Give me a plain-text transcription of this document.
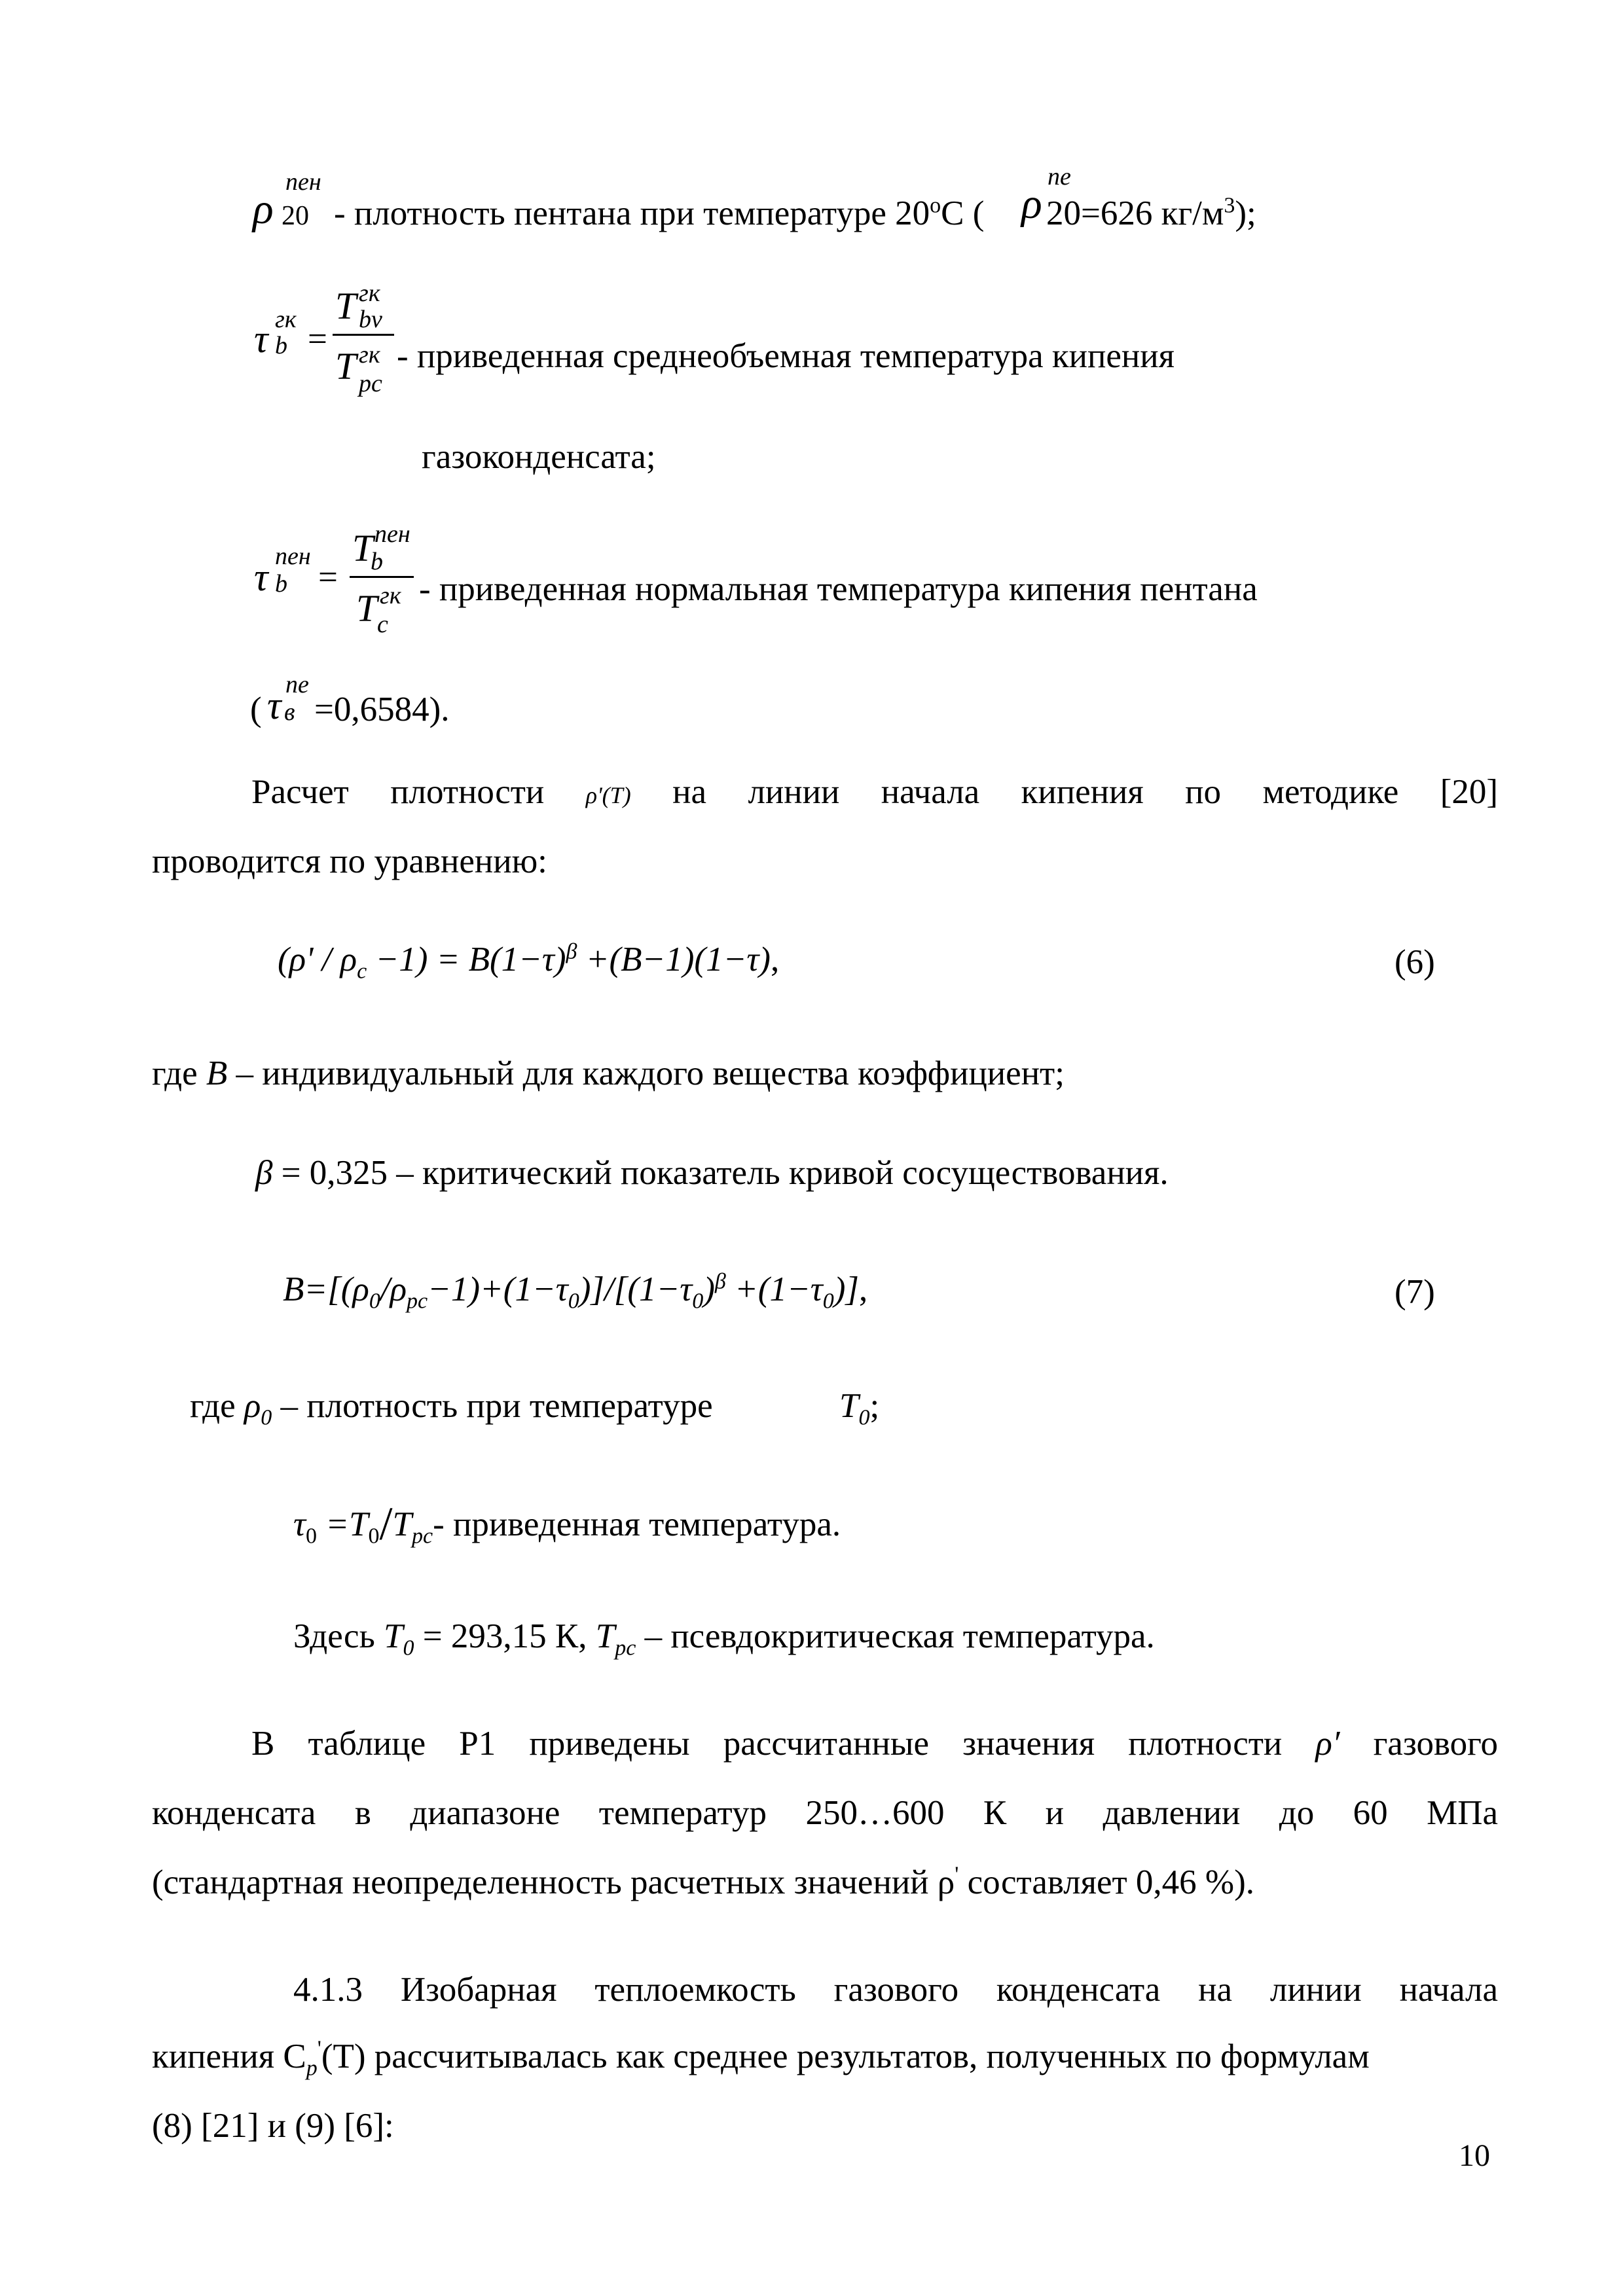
ρ
пен
20 - плотность пентана при температуре 20$^o$C ( ρ
пе
20=626 $кг/м^3$);
τ гк
b =
T гк
bv
T гк
pc
- приведенная среднеобъемная температура кипения
газоконденсата;
τ пен
b =
T пен
b
T гк
c
- приведенная нормальная температура кипения пентана
( τ пе
в =0,6584).
Расчет плотности ρ'(T) на линии начала кипения по методике [20]
проводится по уравнению:
$(\rho' / \rho_c -1) = B(1-\tau)^\beta +(B-1)(1-\tau)$,	(6)
где B – индивидуальный для каждого вещества коэффициент;
β = 0,325 – критический показатель кривой сосуществования.
$B=[(\rho_0/\rho_{pc}-1)+(1-\tau_0)]/[(1-\tau_0)^\beta +(1-\tau_0)]$,	(7)
где $\rho_0$ – плотность при температуре	$T_0$;
$\tau_0 =T_0/T_{pc}-$ приведенная температура.
Здесь $T_0 = 293,15$ К, $T_{pc}$ – псевдокритическая температура.
В таблице Р1 приведены рассчитанные значения плотности ρ′ газового
конденсата в диапазоне температур 250…600 К и давлении до 60 МПа
(стандартная неопределенность расчетных значений ρ' составляет 0,46 %).
4.1.3 Изобарная теплоемкость газового конденсата на линии начала
кипения $C_p'(T)$ рассчитывалась как среднее результатов, полученных по формулам
(8) [21] и (9) [6]:
10
